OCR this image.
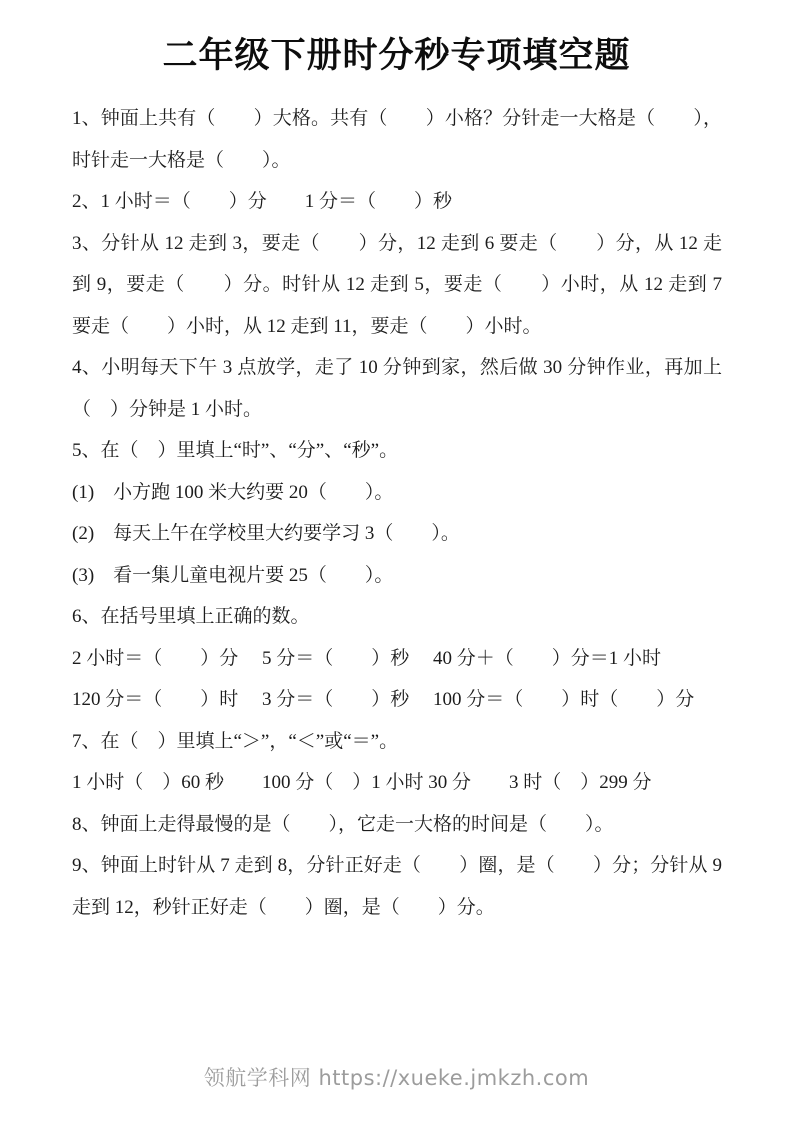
二年级下册时分秒专项填空题

1、钟面上共有（　　）大格。共有（　　）小格？分针走一大格是（　　），时针走一大格是（　　）。

2、1 小时＝（　　）分　　1 分＝（　　）秒

3、分针从 12 走到 3，要走（　　）分，12 走到 6 要走（　　）分，从 12 走到 9，要走（　　）分。时针从 12 走到 5，要走（　　）小时，从 12 走到 7 要走（　　）小时，从 12 走到 11，要走（　　）小时。

4、小明每天下午 3 点放学，走了 10 分钟到家，然后做 30 分钟作业，再加上（　）分钟是 1 小时。

5、在（　）里填上“时”、“分”、“秒”。

(1)　小方跑 100 米大约要 20（　　）。

(2)　每天上午在学校里大约要学习 3（　　）。

(3)　看一集儿童电视片要 25（　　）。

6、在括号里填上正确的数。

2 小时＝（　　）分　 5 分＝（　　）秒　 40 分＋（　　）分＝1 小时

120 分＝（　　）时　 3 分＝（　　）秒　 100 分＝（　　）时（　　）分

7、在（　）里填上“＞”，“＜”或“＝”。

1 小时（　）60 秒　　100 分（　）1 小时 30 分　　3 时（　）299 分

8、钟面上走得最慢的是（　　），它走一大格的时间是（　　）。

9、钟面上时针从 7 走到 8，分针正好走（　　）圈，是（　　）分；分针从 9 走到 12，秒针正好走（　　）圈，是（　　）分。

领航学科网 https://xueke.jmkzh.com
